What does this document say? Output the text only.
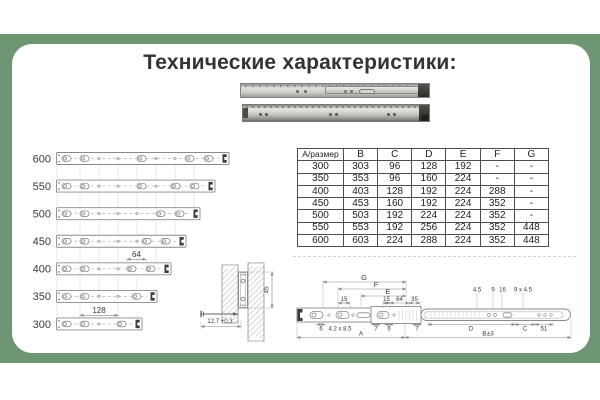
Технические характеристики:
600
550
500
450
400
350
300
64
128
А/размер	B	C	D	E	F	G
300	303	96	128	192	-	-
350	353	96	160	224	-	-
400	403	128	192	224	288	-
450	453	160	192	224	352	-
500	503	192	224	224	352	-
550	553	192	256	224	352	448
600	603	224	288	224	352	448
45
12,7 +0,3
G
F
E
15	15 64 35
4.5 9 16 9 x 4.5
6 4.2 x 8.5	7 6	7	D	C 51
A	B±3
